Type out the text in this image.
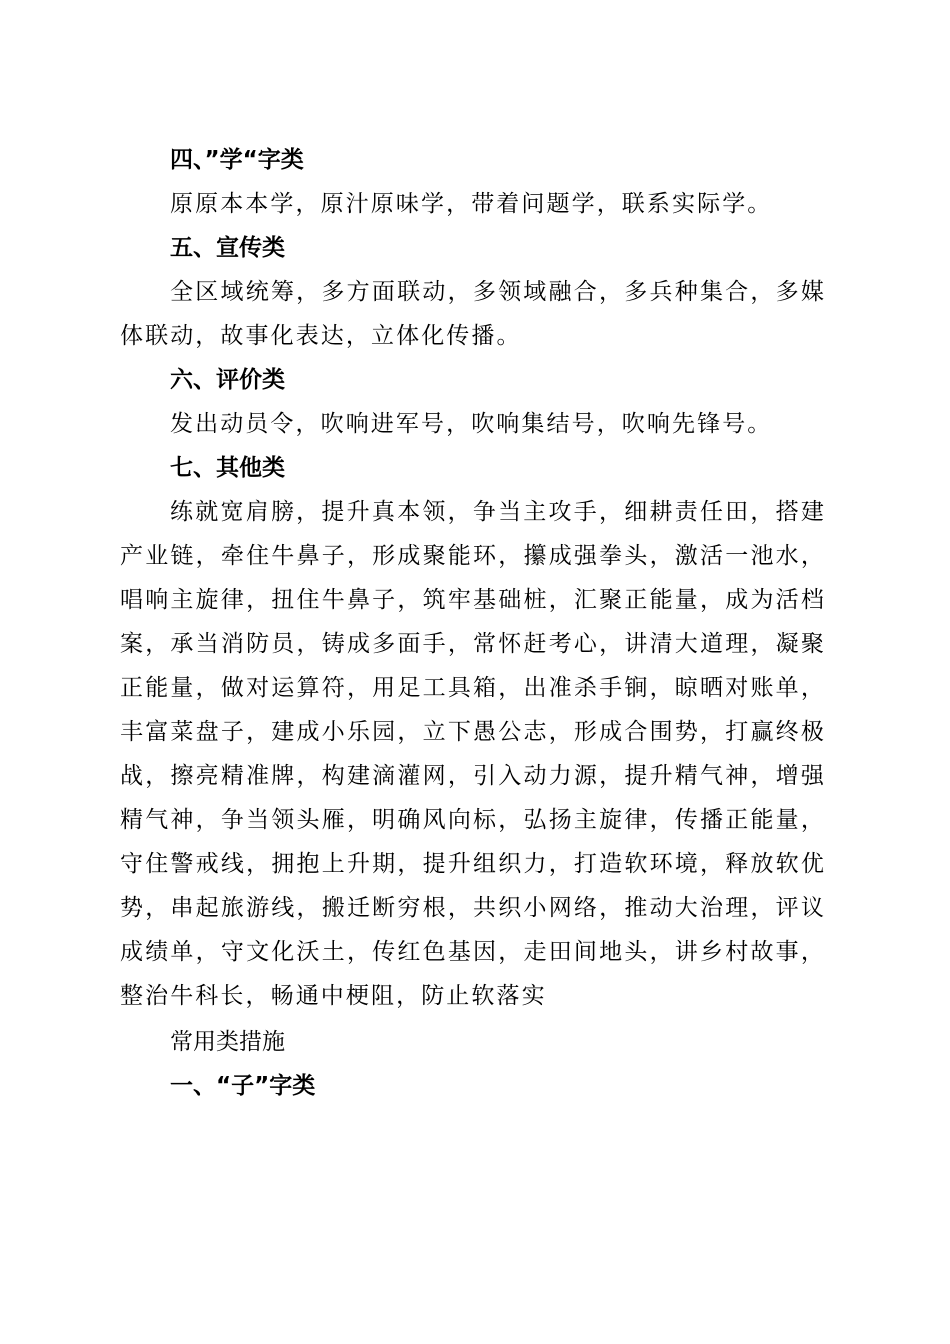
四、”学“字类

原原本本学，原汁原味学，带着问题学，联系实际学。

五、宣传类

全区域统筹，多方面联动，多领域融合，多兵种集合，多媒体联动，故事化表达，立体化传播。

六、评价类

发出动员令，吹响进军号，吹响集结号，吹响先锋号。

七、其他类

练就宽肩膀，提升真本领，争当主攻手，细耕责任田，搭建产业链，牵住牛鼻子，形成聚能环，攥成强拳头，激活一池水，唱响主旋律，扭住牛鼻子，筑牢基础桩，汇聚正能量，成为活档案，承当消防员，铸成多面手，常怀赶考心，讲清大道理，凝聚正能量，做对运算符，用足工具箱，出准杀手锏，晾晒对账单，丰富菜盘子，建成小乐园，立下愚公志，形成合围势，打赢终极战，擦亮精准牌，构建滴灌网，引入动力源，提升精气神，增强精气神，争当领头雁，明确风向标，弘扬主旋律，传播正能量，守住警戒线，拥抱上升期，提升组织力，打造软环境，释放软优势，串起旅游线，搬迁断穷根，共织小网络，推动大治理，评议成绩单，守文化沃土，传红色基因，走田间地头，讲乡村故事，整治牛科长，畅通中梗阻，防止软落实

常用类措施
一、“子”字类
